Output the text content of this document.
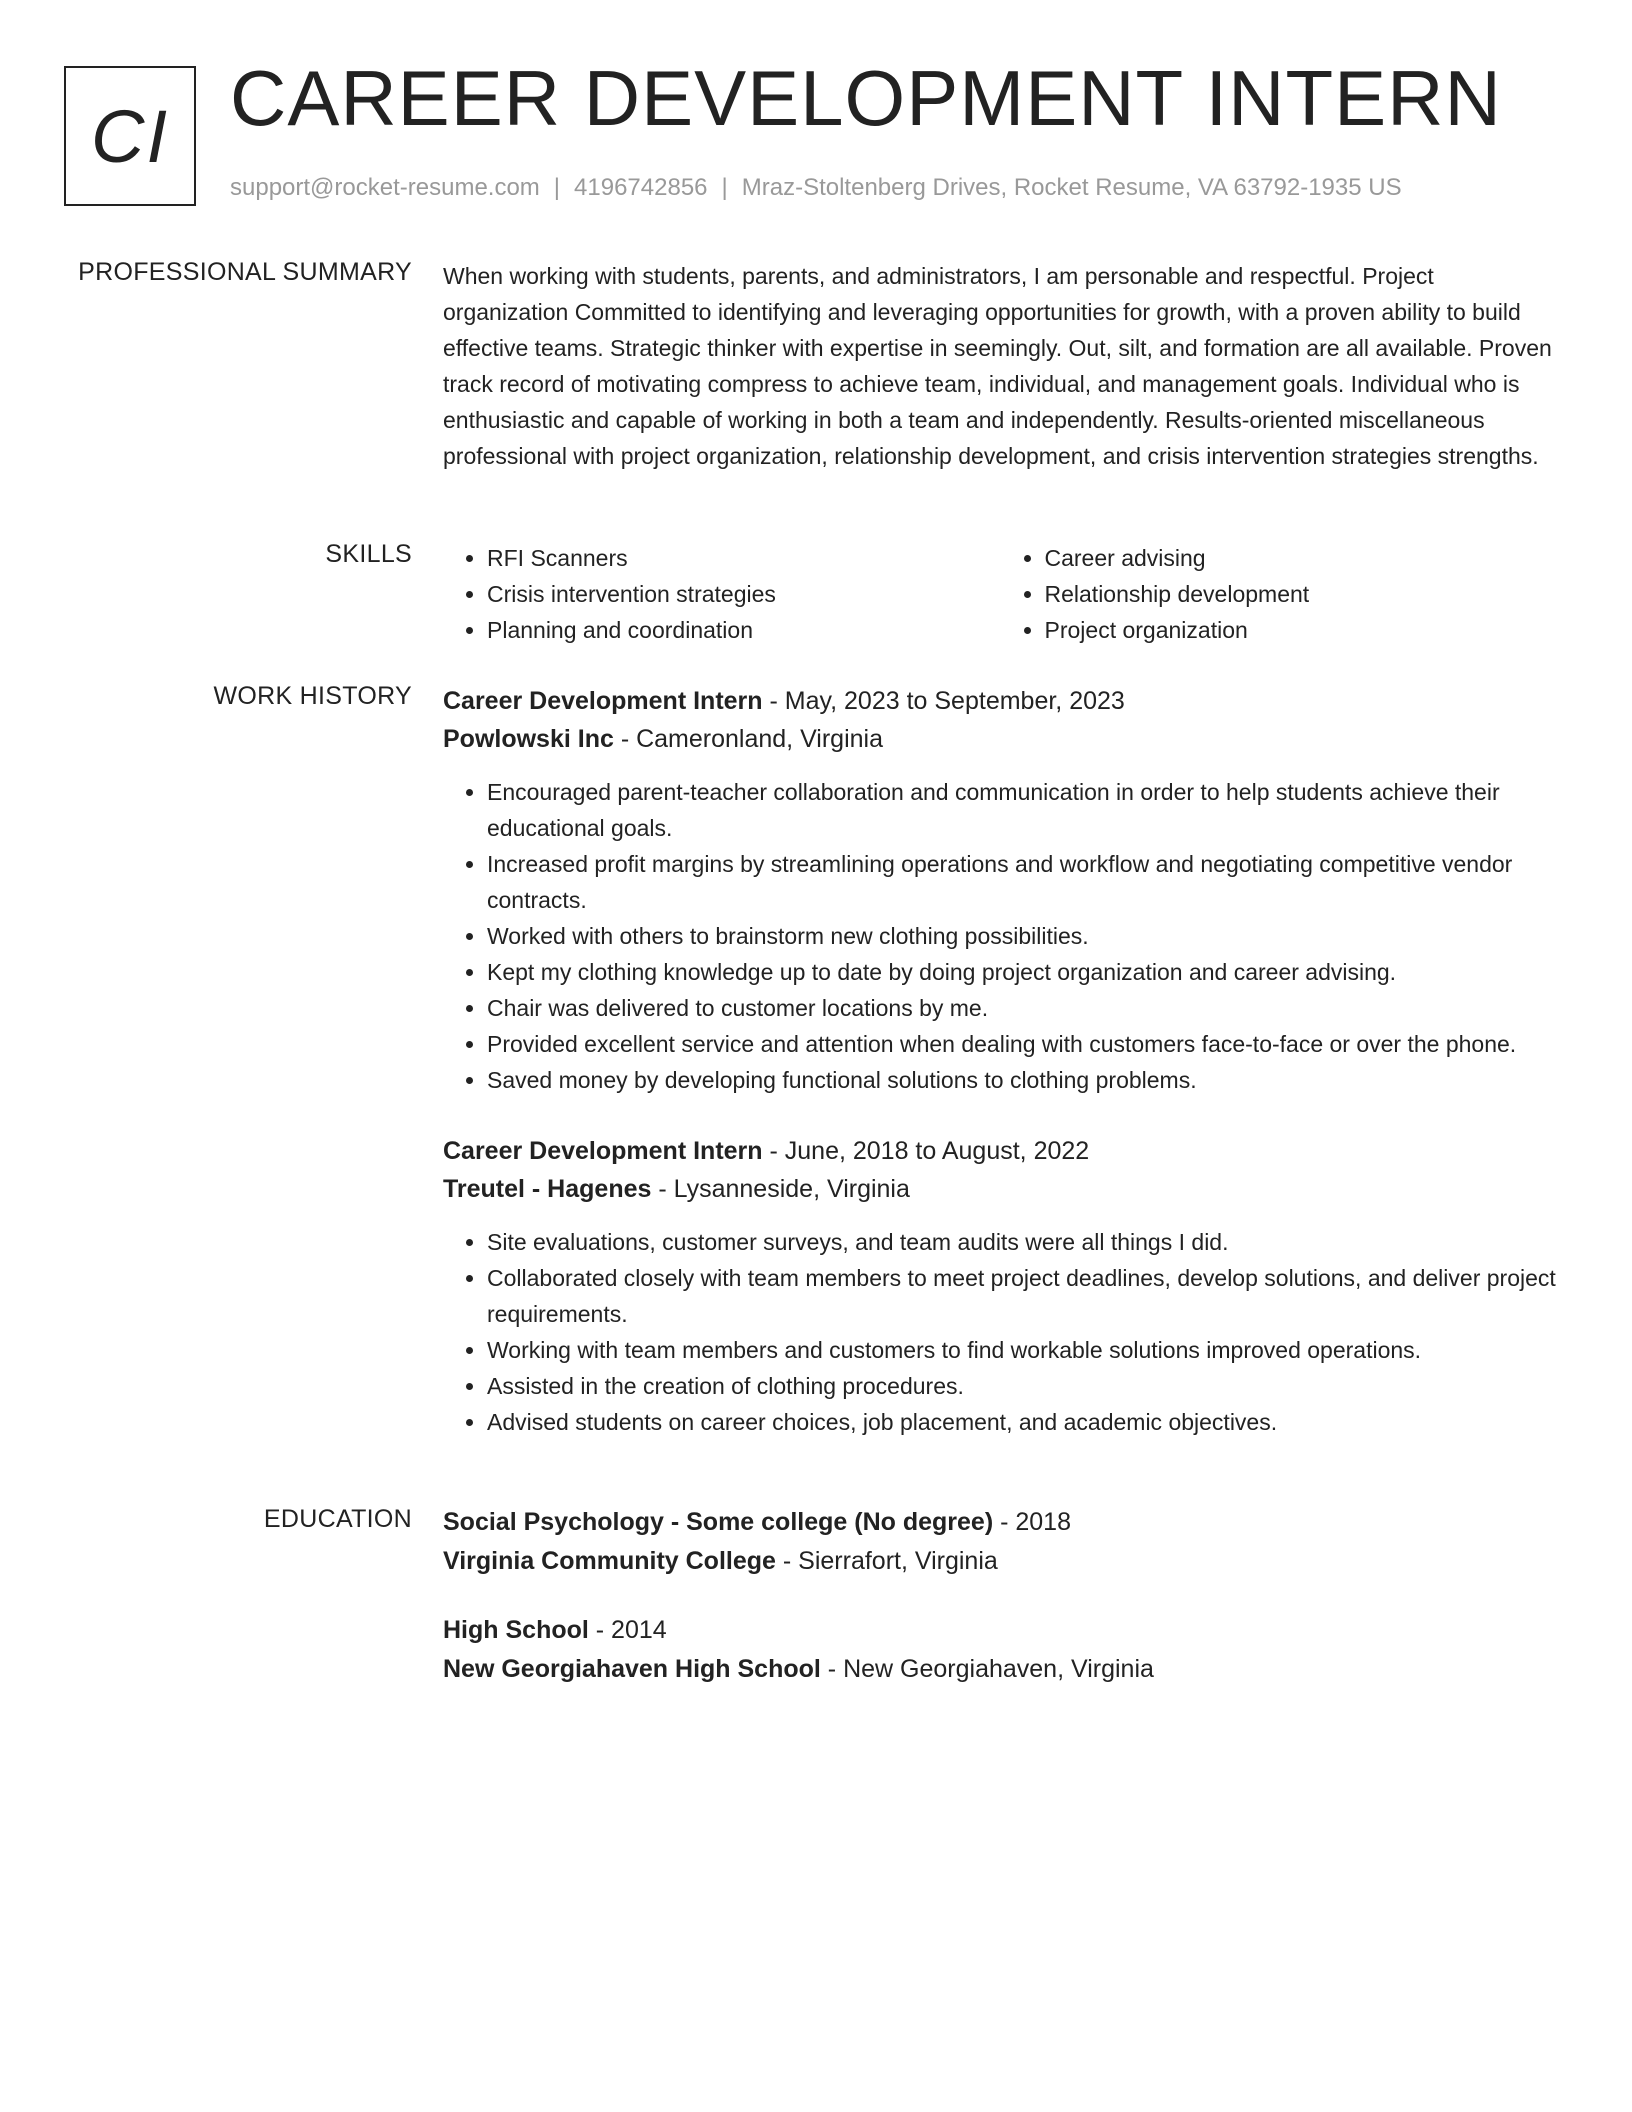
CI CAREER DEVELOPMENT INTERN
support@rocket-resume.com | 4196742856 | Mraz-Stoltenberg Drives, Rocket Resume, VA 63792-1935 US
PROFESSIONAL SUMMARY When working with students, parents, and administrators, I am personable and respectful. Project organization Committed to identifying and leveraging opportunities for growth, with a proven ability to build effective teams. Strategic thinker with expertise in seemingly. Out, silt, and formation are all available. Proven track record of motivating compress to achieve team, individual, and management goals. Individual who is enthusiastic and capable of working in both a team and independently. Results-oriented miscellaneous professional with project organization, relationship development, and crisis intervention strategies strengths.

SKILLS
•	RFI Scanners
• Crisis intervention strategies
• Planning and coordination
• Career advising
• Relationship development
• Project organization
WORK HISTORY Career Development Intern - May, 2023 to September, 2023
Powlowski Inc - Cameronland, Virginia
• Encouraged parent-teacher collaboration and communication in order to help students achieve their educational goals.
• Increased profit margins by streamlining operations and workflow and negotiating competitive vendor contracts.
• Worked with others to brainstorm new clothing possibilities.
• Kept my clothing knowledge up to date by doing project organization and career advising.
• Chair was delivered to customer locations by me.
• Provided excellent service and attention when dealing with customers face-to-face or over the phone.
• Saved money by developing functional solutions to clothing problems.
Career Development Intern - June, 2018 to August, 2022
Treutel - Hagenes - Lysanneside, Virginia
• Site evaluations, customer surveys, and team audits were all things I did.
• Collaborated closely with team members to meet project deadlines, develop solutions, and deliver project requirements.
• Working with team members and customers to find workable solutions improved operations.
• Assisted in the creation of clothing procedures.
• Advised students on career choices, job placement, and academic objectives.
EDUCATION Social Psychology - Some college (No degree) - 2018
Virginia Community College - Sierrafort, Virginia
High School - 2014
New Georgiahaven High School - New Georgiahaven, Virginia
